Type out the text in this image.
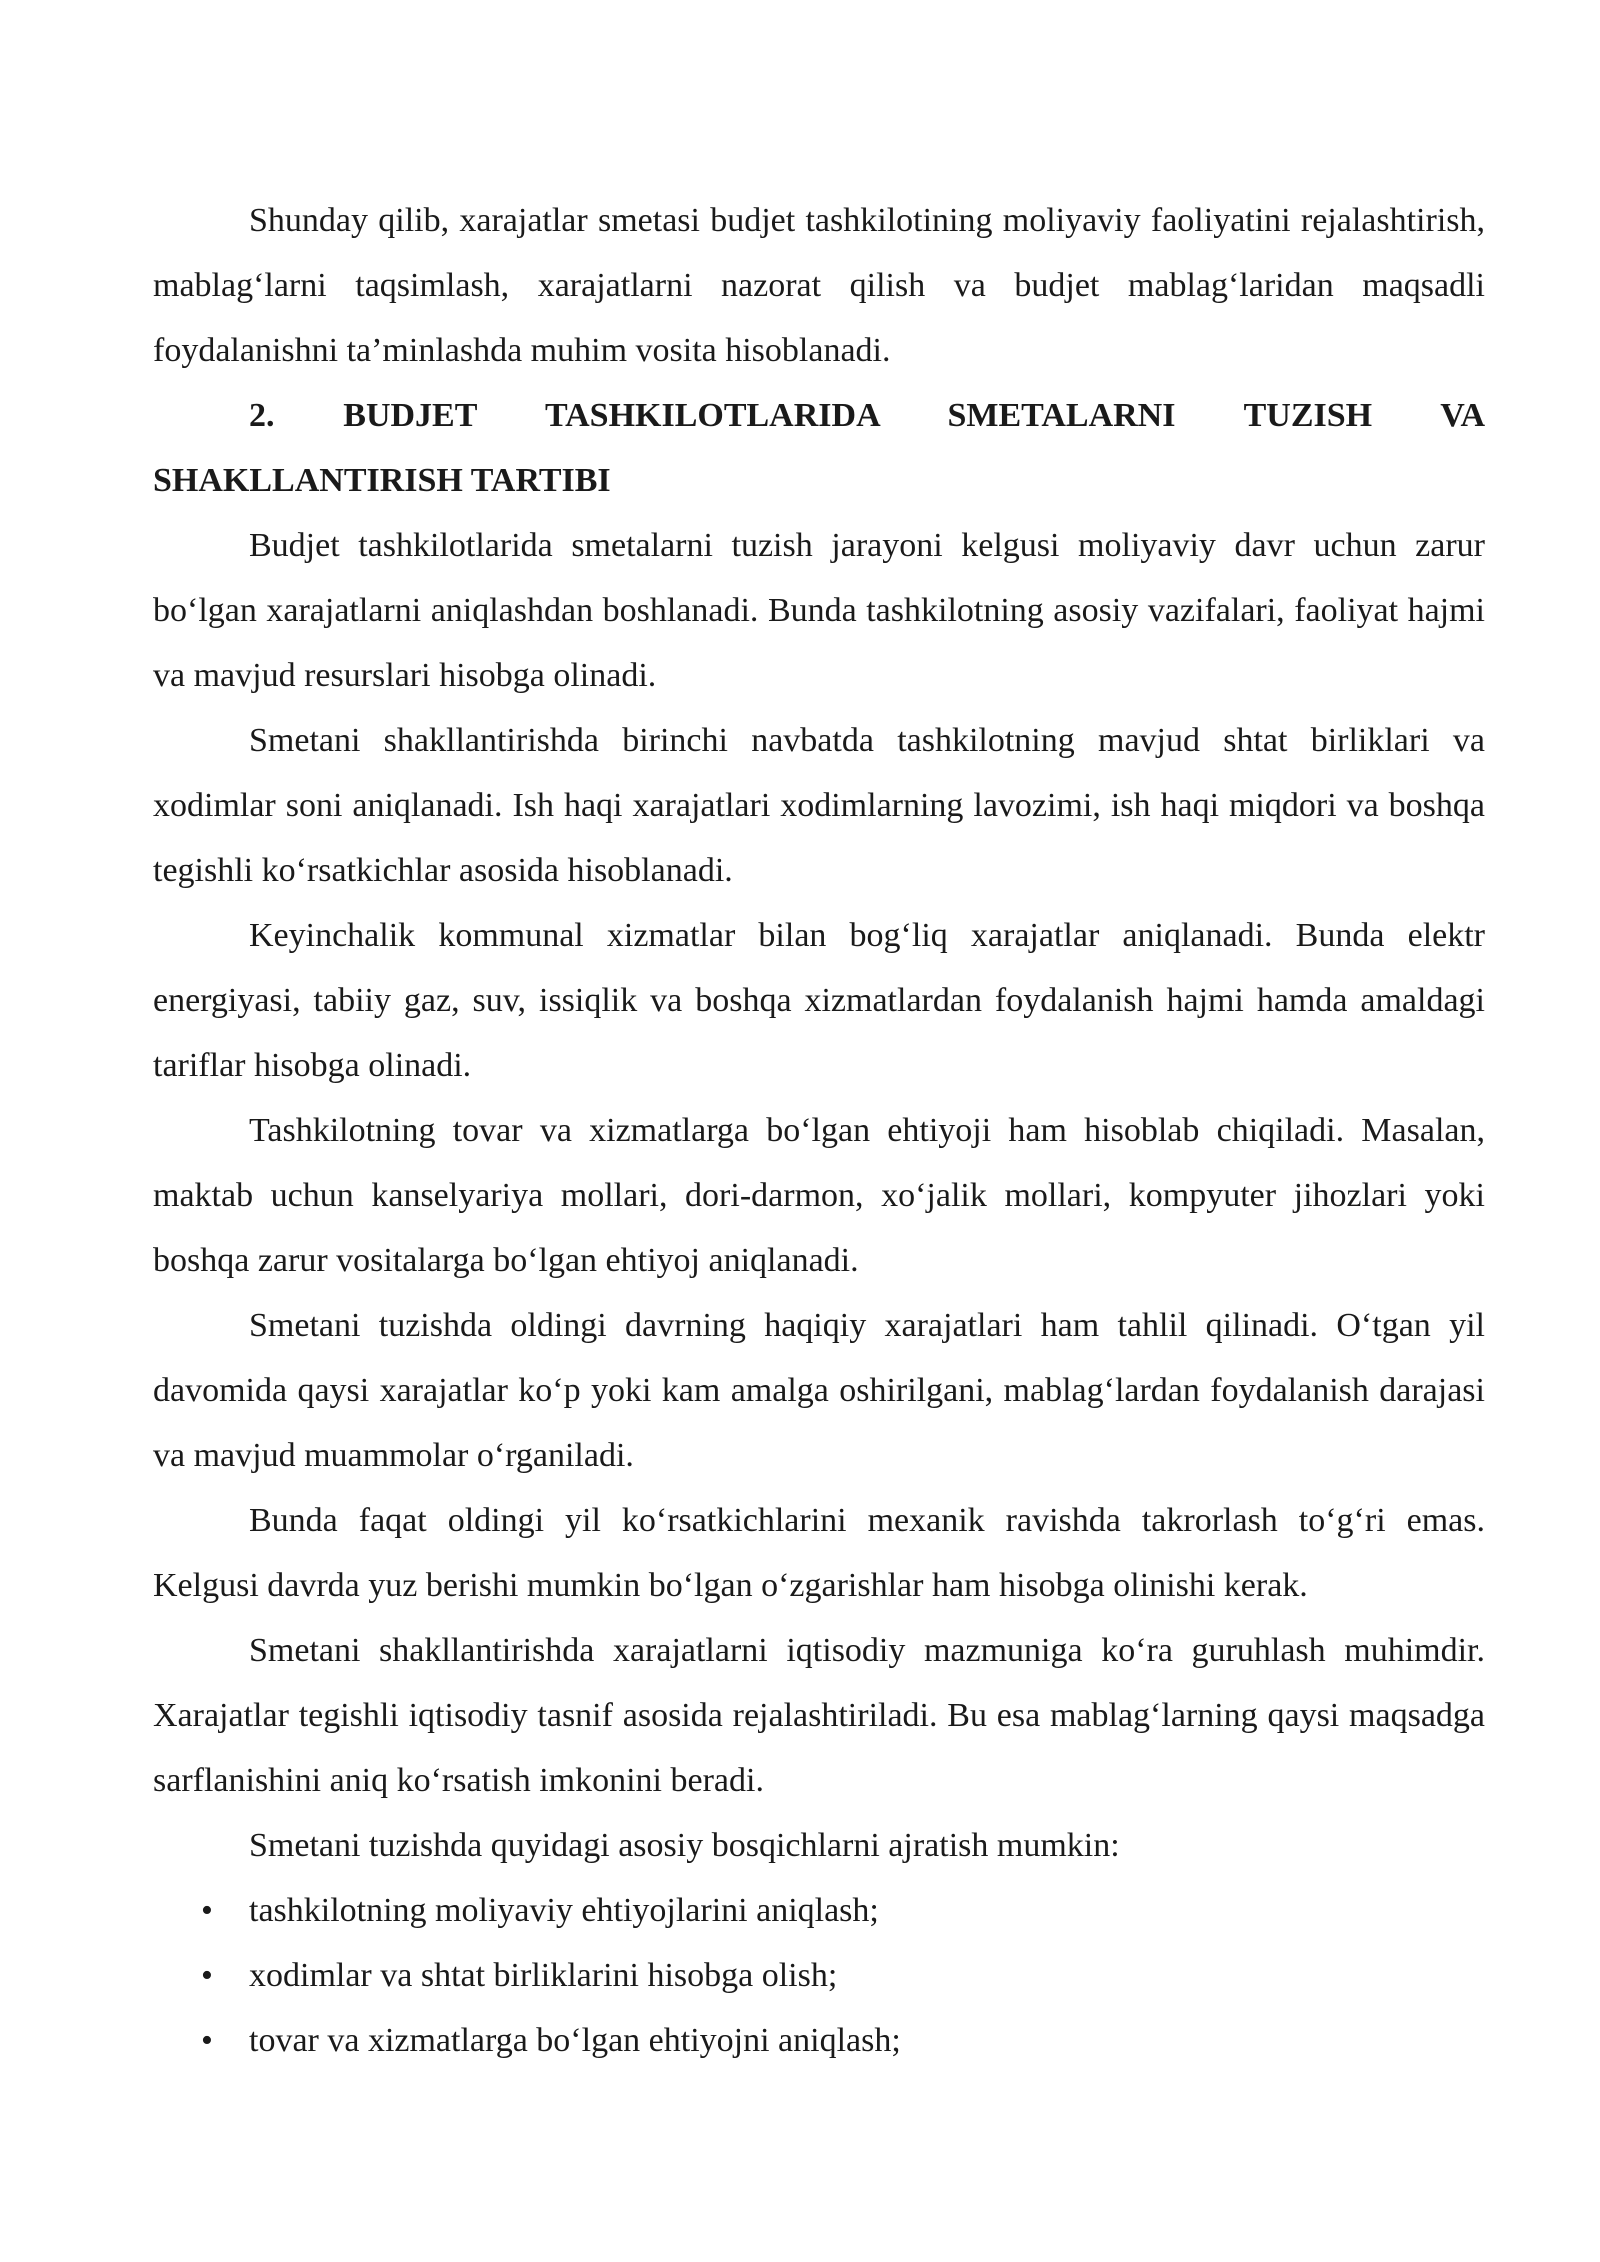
Shunday qilib, xarajatlar smetasi budjet tashkilotining moliyaviy faoliyatini rejalashtirish, mablag‘larni taqsimlash, xarajatlarni nazorat qilish va budjet mablag‘laridan maqsadli foydalanishni ta’minlashda muhim vosita hisoblanadi.

2. BUDJET TASHKILOTLARIDA SMETALARNI TUZISH VA SHAKLLANTIRISH TARTIBI

Budjet tashkilotlarida smetalarni tuzish jarayoni kelgusi moliyaviy davr uchun zarur bo‘lgan xarajatlarni aniqlashdan boshlanadi. Bunda tashkilotning asosiy vazifalari, faoliyat hajmi va mavjud resurslari hisobga olinadi.

Smetani shakllantirishda birinchi navbatda tashkilotning mavjud shtat birliklari va xodimlar soni aniqlanadi. Ish haqi xarajatlari xodimlarning lavozimi, ish haqi miqdori va boshqa tegishli ko‘rsatkichlar asosida hisoblanadi.

Keyinchalik kommunal xizmatlar bilan bog‘liq xarajatlar aniqlanadi. Bunda elektr energiyasi, tabiiy gaz, suv, issiqlik va boshqa xizmatlardan foydalanish hajmi hamda amaldagi tariflar hisobga olinadi.

Tashkilotning tovar va xizmatlarga bo‘lgan ehtiyoji ham hisoblab chiqiladi. Masalan, maktab uchun kanselyariya mollari, dori-darmon, xo‘jalik mollari, kompyuter jihozlari yoki boshqa zarur vositalarga bo‘lgan ehtiyoj aniqlanadi.

Smetani tuzishda oldingi davrning haqiqiy xarajatlari ham tahlil qilinadi. O‘tgan yil davomida qaysi xarajatlar ko‘p yoki kam amalga oshirilgani, mablag‘lardan foydalanish darajasi va mavjud muammolar o‘rganiladi.

Bunda faqat oldingi yil ko‘rsatkichlarini mexanik ravishda takrorlash to‘g‘ri emas. Kelgusi davrda yuz berishi mumkin bo‘lgan o‘zgarishlar ham hisobga olinishi kerak.

Smetani shakllantirishda xarajatlarni iqtisodiy mazmuniga ko‘ra guruhlash muhimdir. Xarajatlar tegishli iqtisodiy tasnif asosida rejalashtiriladi. Bu esa mablag‘larning qaysi maqsadga sarflanishini aniq ko‘rsatish imkonini beradi.

Smetani tuzishda quyidagi asosiy bosqichlarni ajratish mumkin:

• tashkilotning moliyaviy ehtiyojlarini aniqlash;
• xodimlar va shtat birliklarini hisobga olish;
• tovar va xizmatlarga bo‘lgan ehtiyojni aniqlash;
